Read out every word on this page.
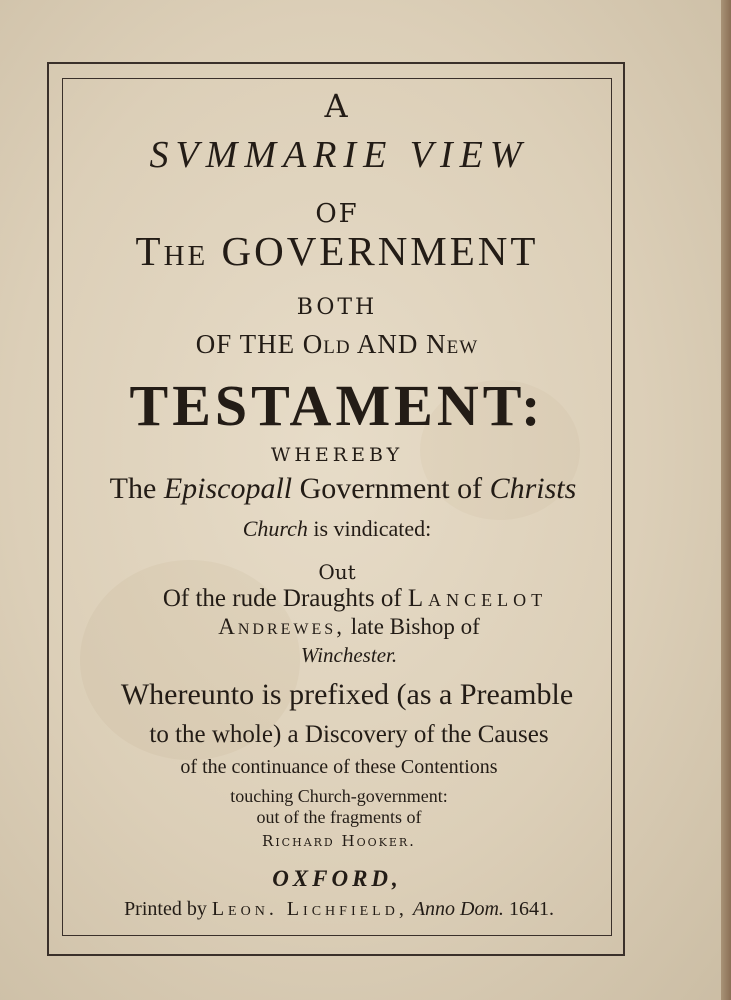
A
SVMMARIE VIEW
OF
The GOVERNMENT
BOTH
OF THE Old AND New
TESTAMENT:
WHEREBY
The Episcopall Government of Christs
Church is vindicated:
Out
Of the rude Draughts of Lancelot
Andrewes, late Bishop of
Winchester.
Whereunto is prefixed (as a Preamble
to the whole) a Discovery of the Causes
of the continuance of these Contentions
touching Church-government:
out of the fragments of
Richard Hooker.
OXFORD,
Printed by Leon. Lichfield, Anno Dom. 1641.
